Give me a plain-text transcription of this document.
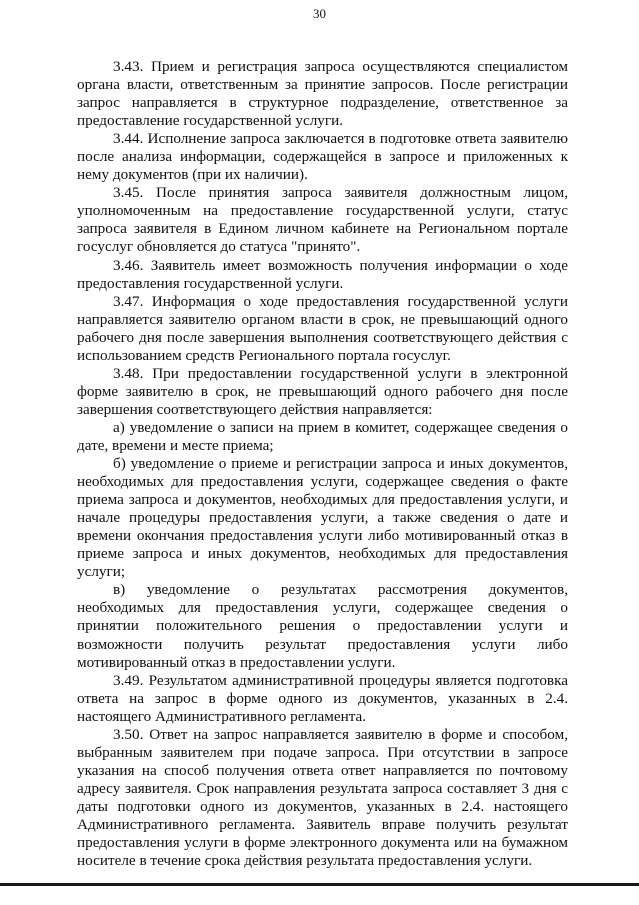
30

3.43. Прием и регистрация запроса осуществляются специалистом органа власти, ответственным за принятие запросов. После регистрации запрос направляется в структурное подразделение, ответственное за предоставление государственной услуги.

3.44. Исполнение запроса заключается в подготовке ответа заявителю после анализа информации, содержащейся в запросе и приложенных к нему документов (при их наличии).

3.45. После принятия запроса заявителя должностным лицом, уполномоченным на предоставление государственной услуги, статус запроса заявителя в Едином личном кабинете на Региональном портале госуслуг обновляется до статуса "принято".

3.46. Заявитель имеет возможность получения информации о ходе предоставления государственной услуги.

3.47. Информация о ходе предоставления государственной услуги направляется заявителю органом власти в срок, не превышающий одного рабочего дня после завершения выполнения соответствующего действия с использованием средств Регионального портала госуслуг.

3.48. При предоставлении государственной услуги в электронной форме заявителю в срок, не превышающий одного рабочего дня после завершения соответствующего действия направляется:

а) уведомление о записи на прием в комитет, содержащее сведения о дате, времени и месте приема;

б) уведомление о приеме и регистрации запроса и иных документов, необходимых для предоставления услуги, содержащее сведения о факте приема запроса и документов, необходимых для предоставления услуги, и начале процедуры предоставления услуги, а также сведения о дате и времени окончания предоставления услуги либо мотивированный отказ в приеме запроса и иных документов, необходимых для предоставления услуги;

в) уведомление о результатах рассмотрения документов, необходимых для предоставления услуги, содержащее сведения о принятии положительного решения о предоставлении услуги и возможности получить результат предоставления услуги либо мотивированный отказ в предоставлении услуги.

3.49. Результатом административной процедуры является подготовка ответа на запрос в форме одного из документов, указанных в 2.4. настоящего Административного регламента.

3.50. Ответ на запрос направляется заявителю в форме и способом, выбранным заявителем при подаче запроса. При отсутствии в запросе указания на способ получения ответа ответ направляется по почтовому адресу заявителя. Срок направления результата запроса составляет 3 дня с даты подготовки одного из документов, указанных в 2.4. настоящего Административного регламента. Заявитель вправе получить результат предоставления услуги в форме электронного документа или на бумажном носителе в течение срока действия результата предоставления услуги.
